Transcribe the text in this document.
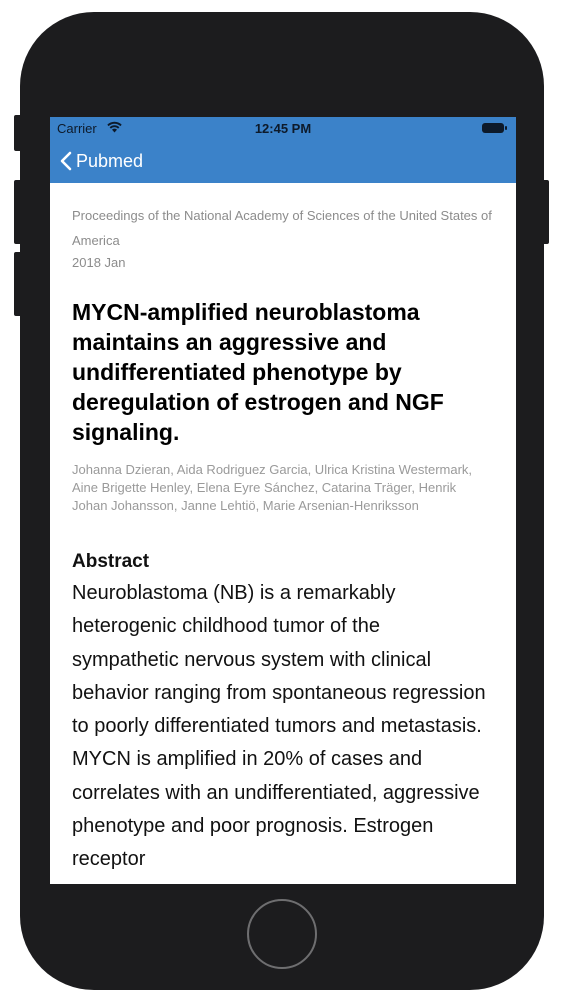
Carrier	12:45 PM
Pubmed
Proceedings of the National Academy of Sciences of the United States of America
2018 Jan
MYCN-amplified neuroblastoma maintains an aggressive and undifferentiated phenotype by deregulation of estrogen and NGF signaling.
Johanna Dzieran, Aida Rodriguez Garcia, Ulrica Kristina Westermark, Aine Brigette Henley, Elena Eyre Sánchez, Catarina Träger, Henrik Johan Johansson, Janne Lehtiö, Marie Arsenian-Henriksson
Abstract
Neuroblastoma (NB) is a remarkably heterogenic childhood tumor of the sympathetic nervous system with clinical behavior ranging from spontaneous regression to poorly differentiated tumors and metastasis. MYCN is amplified in 20% of cases and correlates with an undifferentiated, aggressive phenotype and poor prognosis. Estrogen receptor
